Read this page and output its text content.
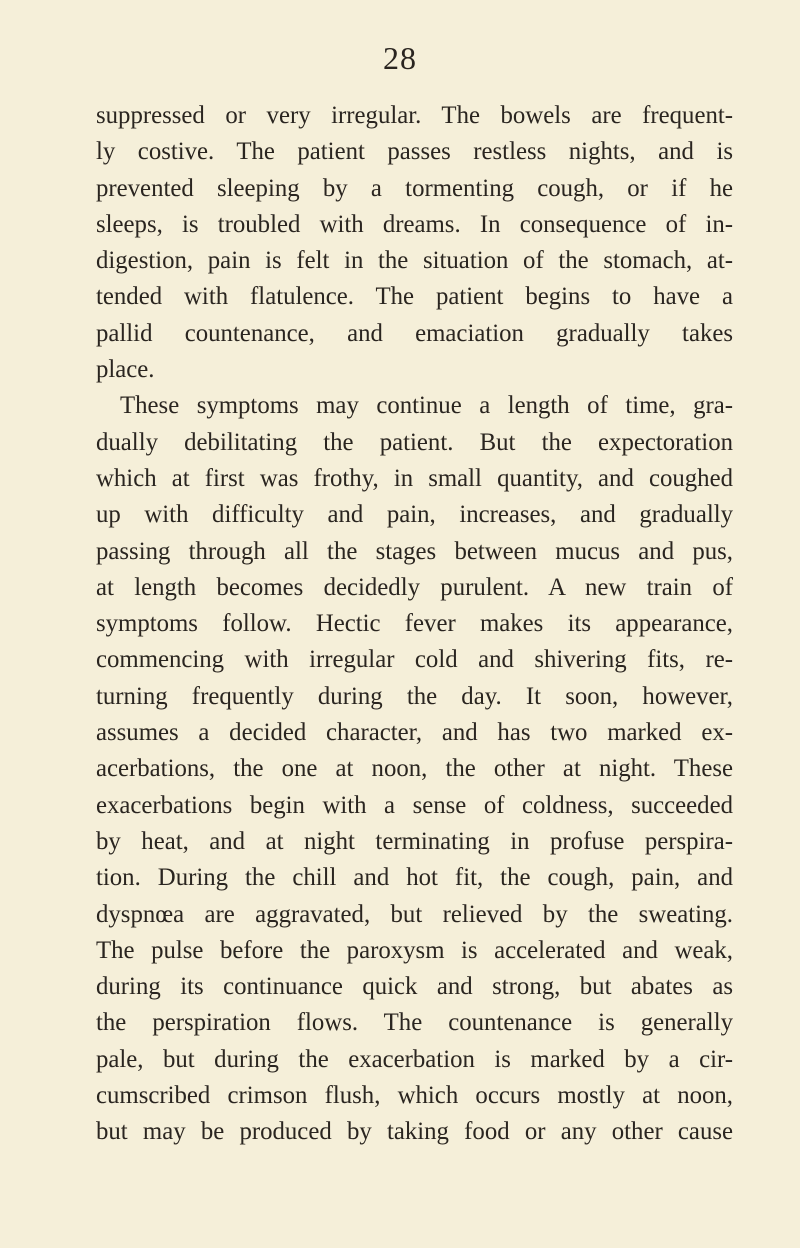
28
suppressed or very irregular. The bowels are frequent-
ly costive. The patient passes restless nights, and is
prevented sleeping by a tormenting cough, or if he
sleeps, is troubled with dreams. In consequence of in-
digestion, pain is felt in the situation of the stomach, at-
tended with flatulence. The patient begins to have a
pallid countenance, and emaciation gradually takes
place.
These symptoms may continue a length of time, gra-
dually debilitating the patient. But the expectoration
which at first was frothy, in small quantity, and coughed
up with difficulty and pain, increases, and gradually
passing through all the stages between mucus and pus,
at length becomes decidedly purulent. A new train of
symptoms follow. Hectic fever makes its appearance,
commencing with irregular cold and shivering fits, re-
turning frequently during the day. It soon, however,
assumes a decided character, and has two marked ex-
acerbations, the one at noon, the other at night. These
exacerbations begin with a sense of coldness, succeeded
by heat, and at night terminating in profuse perspira-
tion. During the chill and hot fit, the cough, pain, and
dyspnœa are aggravated, but relieved by the sweating.
The pulse before the paroxysm is accelerated and weak,
during its continuance quick and strong, but abates as
the perspiration flows. The countenance is generally
pale, but during the exacerbation is marked by a cir-
cumscribed crimson flush, which occurs mostly at noon,
but may be produced by taking food or any other cause
